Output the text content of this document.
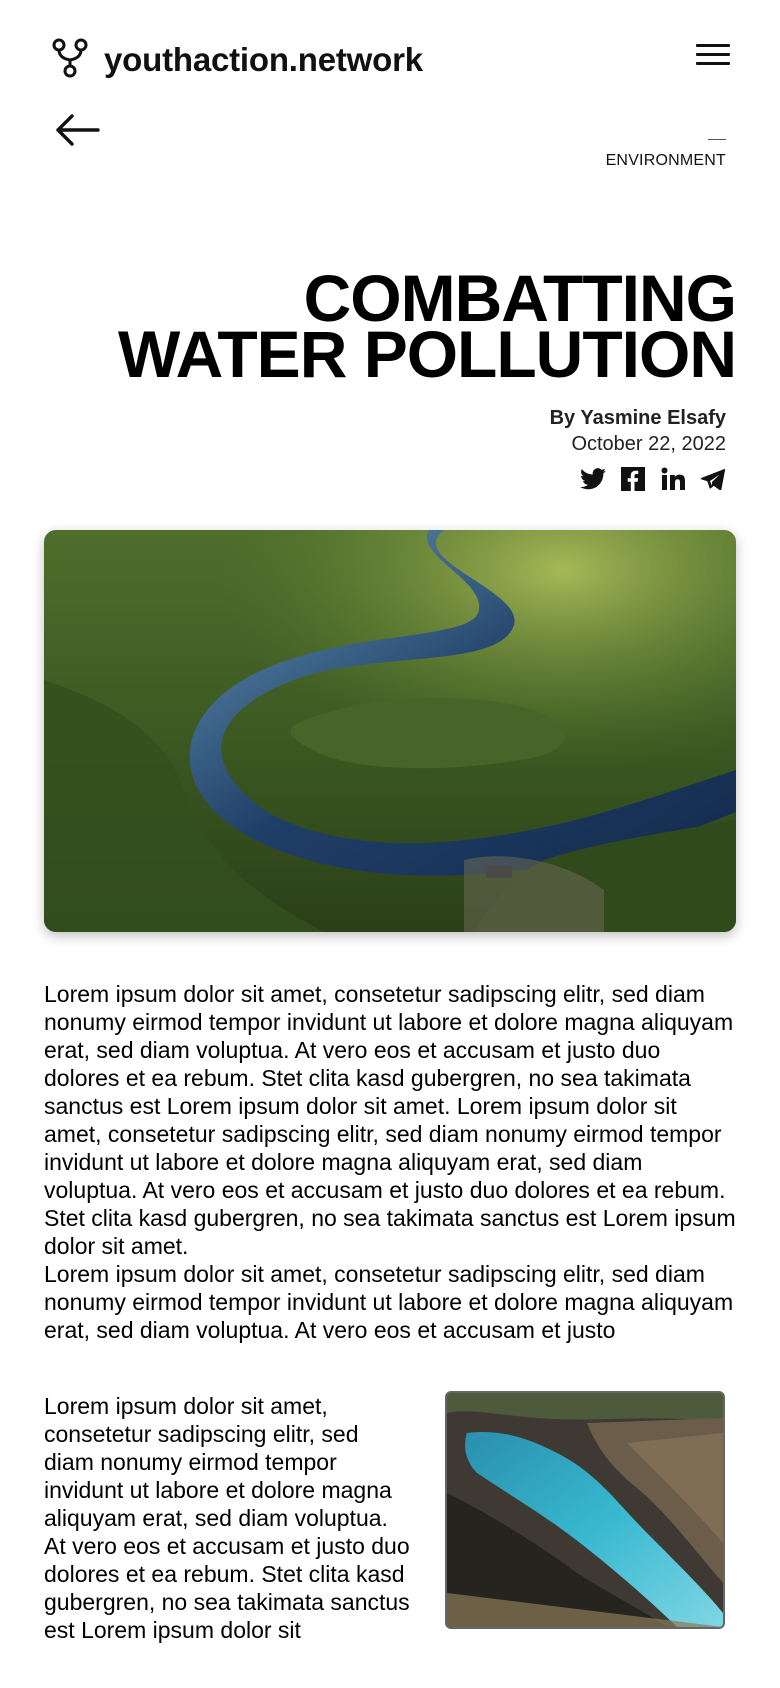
youthaction.network
ENVIRONMENT
COMBATTING
WATER POLLUTION
By Yasmine Elsafy
October 22, 2022
Lorem ipsum dolor sit amet, consetetur sadipscing elitr, sed diam nonumy eirmod tempor invidunt ut labore et dolore magna aliquyam erat, sed diam voluptua. At vero eos et accusam et justo duo dolores et ea rebum. Stet clita kasd gubergren, no sea takimata sanctus est Lorem ipsum dolor sit amet. Lorem ipsum dolor sit amet, consetetur sadipscing elitr, sed diam nonumy eirmod tempor invidunt ut labore et dolore magna aliquyam erat, sed diam voluptua. At vero eos et accusam et justo duo dolores et ea rebum. Stet clita kasd gubergren, no sea takimata sanctus est Lorem ipsum dolor sit amet.
Lorem ipsum dolor sit amet, consetetur sadipscing elitr, sed diam nonumy eirmod tempor invidunt ut labore et dolore magna aliquyam erat, sed diam voluptua. At vero eos et accusam et justo
Lorem ipsum dolor sit amet, consetetur sadipscing elitr, sed diam nonumy eirmod tempor invidunt ut labore et dolore magna aliquyam erat, sed diam voluptua. At vero eos et accusam et justo duo dolores et ea rebum. Stet clita kasd gubergren, no sea takimata sanctus est Lorem ipsum dolor sit
